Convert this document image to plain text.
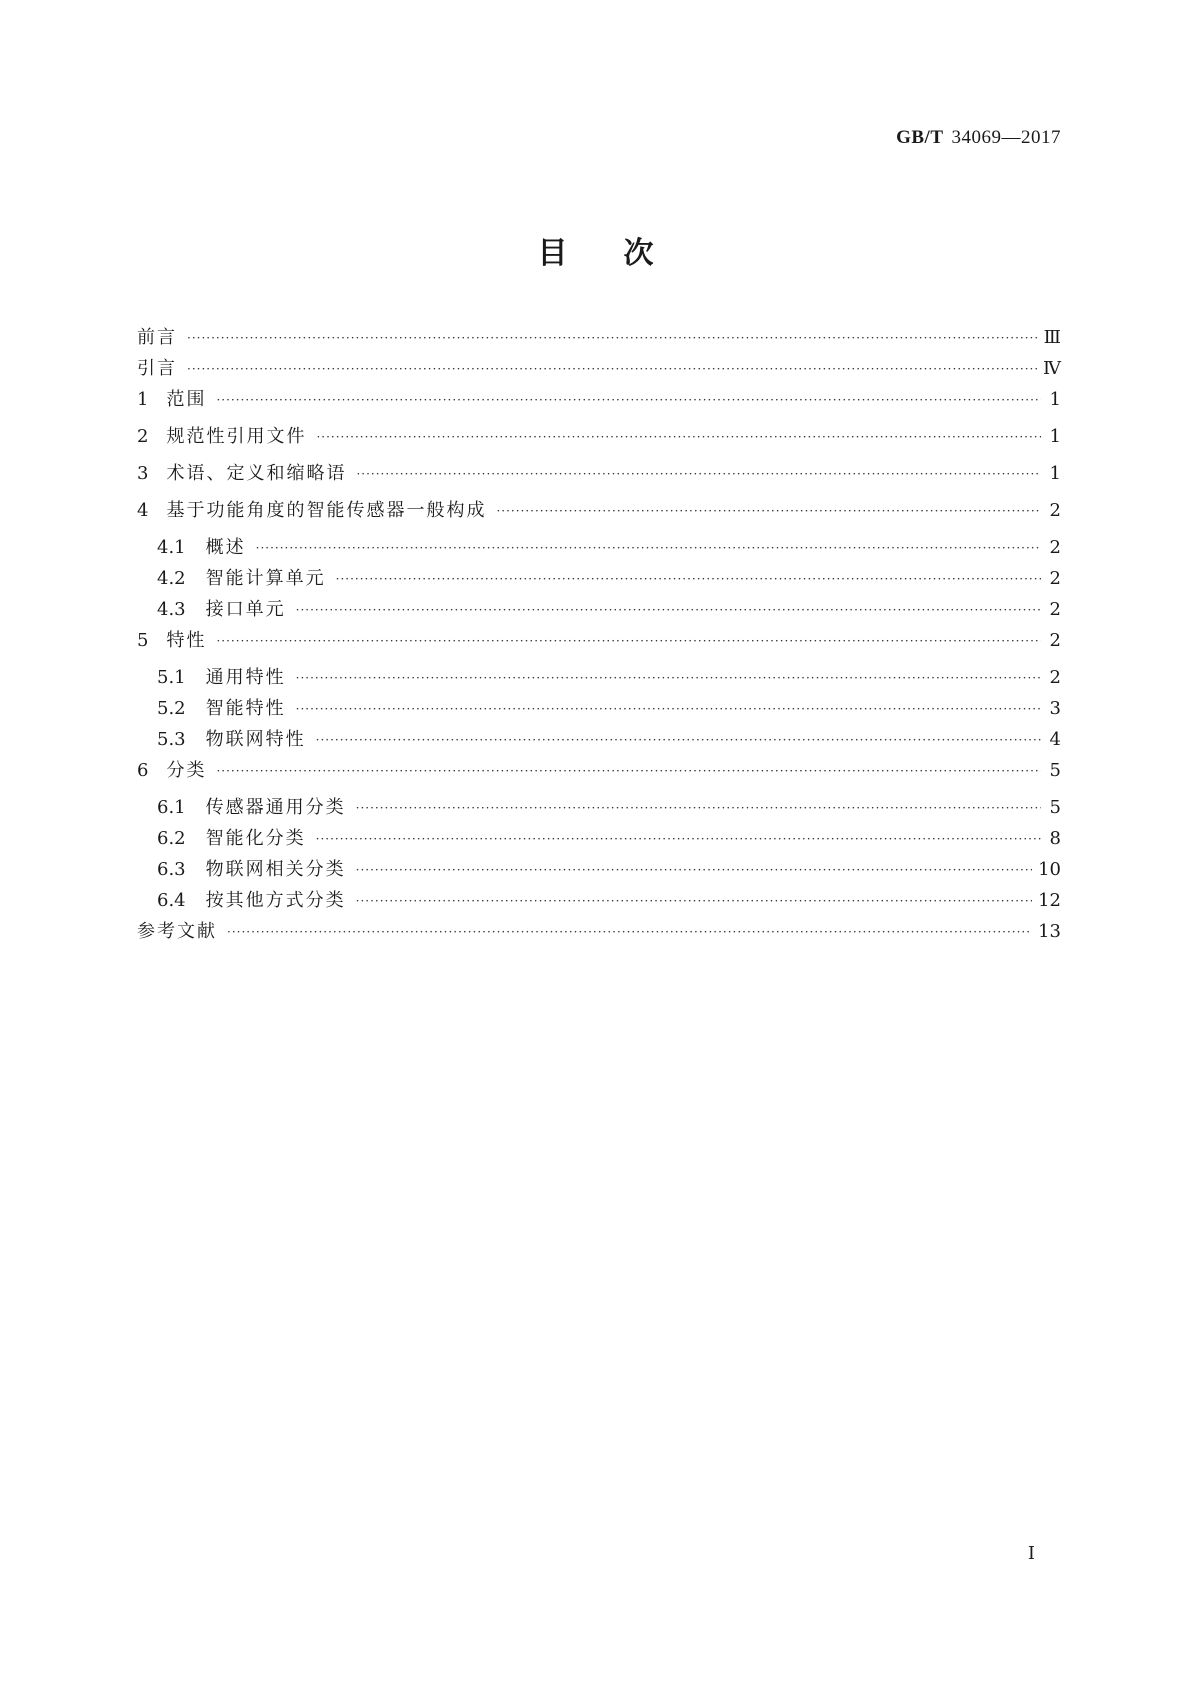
GB/T 34069—2017
目次
前言 ·····	Ⅲ
引言 ·····	Ⅳ
1 范围 ·····	1
2 规范性引用文件 ·····	1
3 术语、定义和缩略语 ·····	1
4 基于功能角度的智能传感器一般构成 ·····	2
4.1 概述 ·····	2
4.2 智能计算单元 ·····	2
4.3 接口单元 ·····	2
5 特性 ·····	2
5.1 通用特性 ·····	2
5.2 智能特性 ·····	3
5.3 物联网特性 ·····	4
6 分类 ·····	5
6.1 传感器通用分类 ·····	5
6.2 智能化分类 ·····	8
6.3 物联网相关分类 ·····	10
6.4 按其他方式分类 ·····	12
参考文献 ·····	13
I
